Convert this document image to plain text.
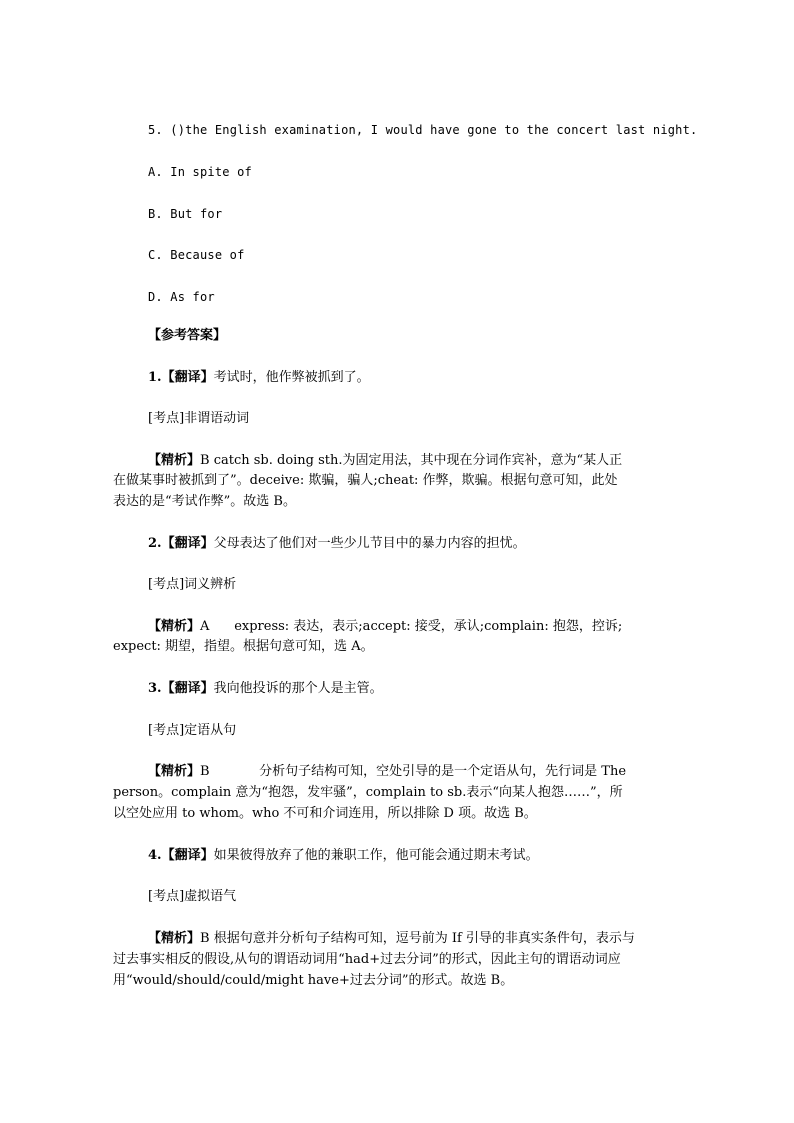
5. ()the English examination, I would have gone to the concert last night.
A. In spite of
B. But for
C. Because of
D. As for
【参考答案】
1.【翻译】考试时，他作弊被抓到了。
[考点]非谓语动词
【精析】B catch sb. doing sth.为固定用法，其中现在分词作宾补，意为“某人正
在做某事时被抓到了”。deceive: 欺骗，骗人;cheat: 作弊，欺骗。根据句意可知，此处
表达的是“考试作弊”。故选 B。
2.【翻译】父母表达了他们对一些少儿节目中的暴力内容的担忧。
[考点]词义辨析
【精析】A      express: 表达，表示;accept: 接受，承认;complain: 抱怨，控诉;
expect: 期望，指望。根据句意可知，选 A。
3.【翻译】我向他投诉的那个人是主管。
[考点]定语从句
【精析】B            分析句子结构可知，空处引导的是一个定语从句，先行词是 The
person。complain 意为“抱怨，发牢骚”，complain to sb.表示“向某人抱怨……”，所
以空处应用 to whom。who 不可和介词连用，所以排除 D 项。故选 B。
4.【翻译】如果彼得放弃了他的兼职工作，他可能会通过期末考试。
[考点]虚拟语气
【精析】B 根据句意并分析句子结构可知，逗号前为 If 引导的非真实条件句，表示与
过去事实相反的假设,从句的谓语动词用“had+过去分词”的形式，因此主句的谓语动词应
用“would/should/could/might have+过去分词”的形式。故选 B。
